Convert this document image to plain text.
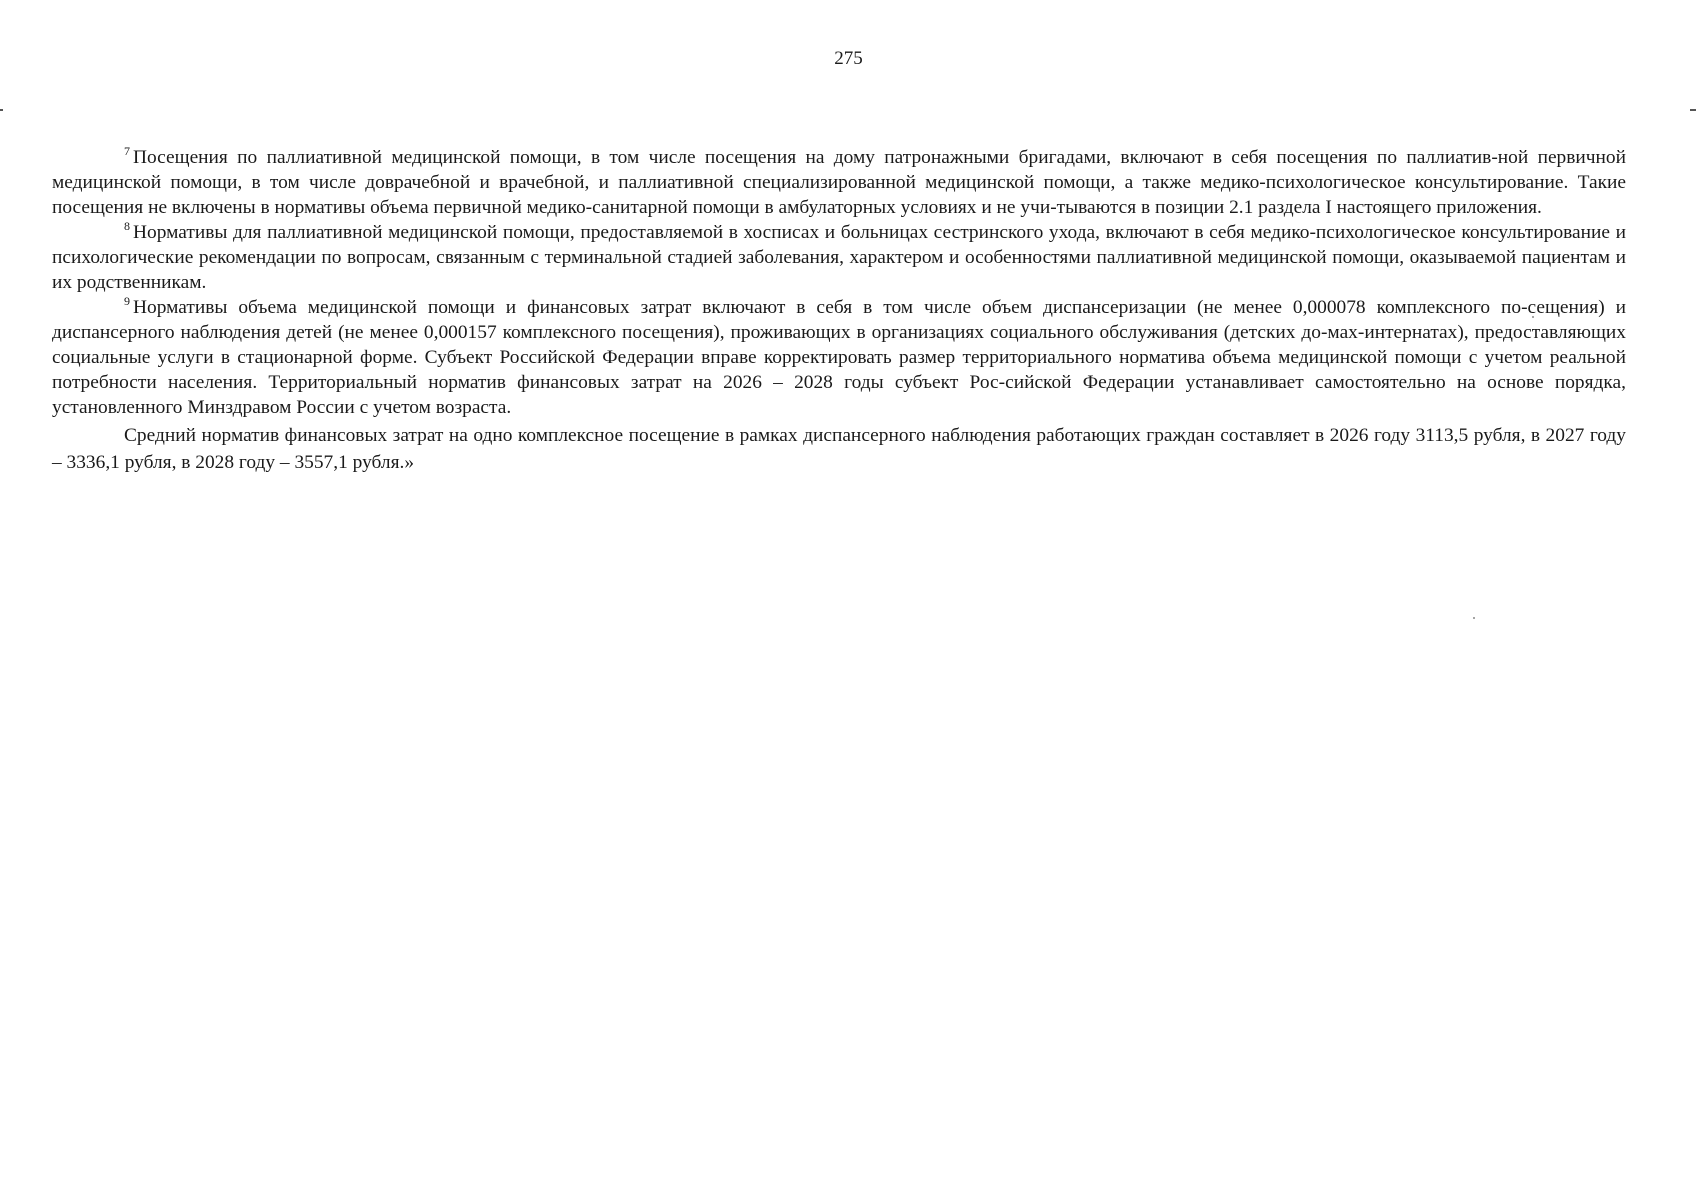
275

$^7$ Посещения по паллиативной медицинской помощи, в том числе посещения на дому патронажными бригадами, включают в себя посещения по паллиатив-ной первичной медицинской помощи, в том числе доврачебной и врачебной, и паллиативной специализированной медицинской помощи, а также медико-психологическое консультирование. Такие посещения не включены в нормативы объема первичной медико-санитарной помощи в амбулаторных условиях и не учи-тываются в позиции 2.1 раздела I настоящего приложения.

$^8$ Нормативы для паллиативной медицинской помощи, предоставляемой в хосписах и больницах сестринского ухода, включают в себя медико-психологическое консультирование и психологические рекомендации по вопросам, связанным с терминальной стадией заболевания, характером и особенностями паллиативной медицинской помощи, оказываемой пациентам и их родственникам.

$^9$ Нормативы объема медицинской помощи и финансовых затрат включают в себя в том числе объем диспансеризации (не менее 0,000078 комплексного по-сещения) и диспансерного наблюдения детей (не менее 0,000157 комплексного посещения), проживающих в организациях социального обслуживания (детских до-мах-интернатах), предоставляющих социальные услуги в стационарной форме. Субъект Российской Федерации вправе корректировать размер территориального норматива объема медицинской помощи с учетом реальной потребности населения. Территориальный норматив финансовых затрат на 2026 – 2028 годы субъект Рос-сийской Федерации устанавливает самостоятельно на основе порядка, установленного Минздравом России с учетом возраста.

Средний норматив финансовых затрат на одно комплексное посещение в рамках диспансерного наблюдения работающих граждан составляет в 2026 году 3113,5 рубля, в 2027 году – 3336,1 рубля, в 2028 году – 3557,1 рубля.»
